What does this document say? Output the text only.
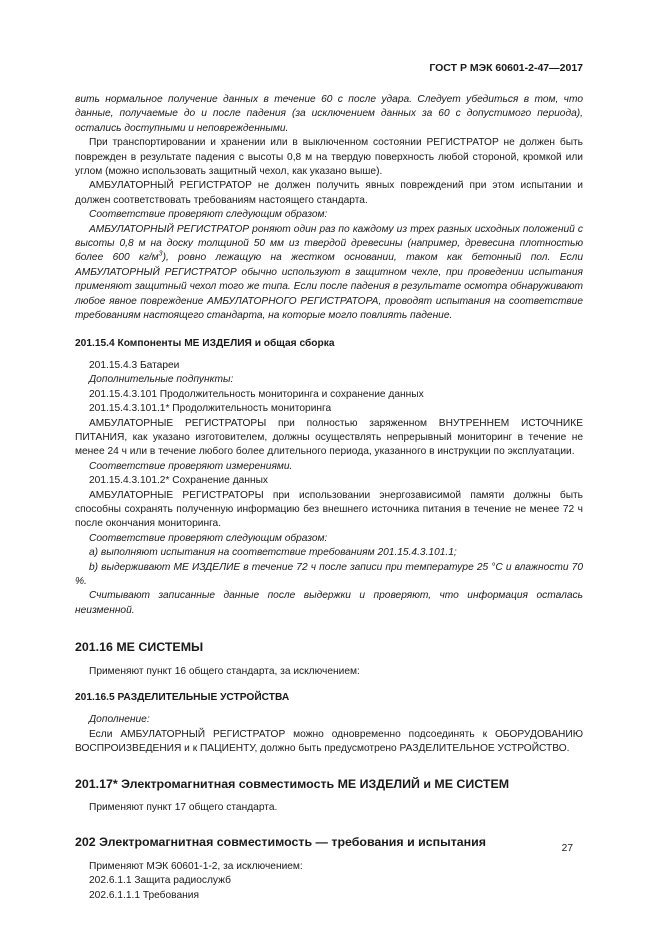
ГОСТ Р МЭК 60601-2-47—2017

вить нормальное получение данных в течение 60 с после удара. Следует убедиться в том, что данные, получаемые до и после падения (за исключением данных за 60 с допустимого периода), остались доступными и неповрежденными.

При транспортировании и хранении или в выключенном состоянии РЕГИСТРАТОР не должен быть поврежден в результате падения с высоты 0,8 м на твердую поверхность любой стороной, кромкой или углом (можно использовать защитный чехол, как указано выше).

АМБУЛАТОРНЫЙ РЕГИСТРАТОР не должен получить явных повреждений при этом испытании и должен соответствовать требованиям настоящего стандарта.

Соответствие проверяют следующим образом:

АМБУЛАТОРНЫЙ РЕГИСТРАТОР роняют один раз по каждому из трех разных исходных положений с высоты 0,8 м на доску толщиной 50 мм из твердой древесины (например, древесина плотностью более 600 $кг/м^3$), ровно лежащую на жестком основании, таком как бетонный пол. Если АМБУЛАТОРНЫЙ РЕГИСТРАТОР обычно используют в защитном чехле, при проведении испытания применяют защитный чехол того же типа. Если после падения в результате осмотра обнаруживают любое явное повреждение АМБУЛАТОРНОГО РЕГИСТРАТОРА, проводят испытания на соответствие требованиям настоящего стандарта, на которые могло повлиять падение.

201.15.4 Компоненты ME ИЗДЕЛИЯ и общая сборка

201.15.4.3 Батареи

Дополнительные подпункты:

201.15.4.3.101 Продолжительность мониторинга и сохранение данных

201.15.4.3.101.1* Продолжительность мониторинга

АМБУЛАТОРНЫЕ РЕГИСТРАТОРЫ при полностью заряженном ВНУТРЕННЕМ ИСТОЧНИКЕ ПИТАНИЯ, как указано изготовителем, должны осуществлять непрерывный мониторинг в течение не менее 24 ч или в течение любого более длительного периода, указанного в инструкции по эксплуатации.

Соответствие проверяют измерениями.

201.15.4.3.101.2* Сохранение данных

АМБУЛАТОРНЫЕ РЕГИСТРАТОРЫ при использовании энергозависимой памяти должны быть способны сохранять полученную информацию без внешнего источника питания в течение не менее 72 ч после окончания мониторинга.

Соответствие проверяют следующим образом:

a) выполняют испытания на соответствие требованиям 201.15.4.3.101.1;

b) выдерживают ME ИЗДЕЛИЕ в течение 72 ч после записи при температуре 25 °С и влажности 70 %.

Считывают записанные данные после выдержки и проверяют, что информация осталась неизменной.

201.16 ME СИСТЕМЫ

Применяют пункт 16 общего стандарта, за исключением:

201.16.5 РАЗДЕЛИТЕЛЬНЫЕ УСТРОЙСТВА

Дополнение:

Если АМБУЛАТОРНЫЙ РЕГИСТРАТОР можно одновременно подсоединять к ОБОРУДОВАНИЮ ВОСПРОИЗВЕДЕНИЯ и к ПАЦИЕНТУ, должно быть предусмотрено РАЗДЕЛИТЕЛЬНОЕ УСТРОЙСТВО.

201.17* Электромагнитная совместимость ME ИЗДЕЛИЙ и ME СИСТЕМ

Применяют пункт 17 общего стандарта.

202 Электромагнитная совместимость — требования и испытания

Применяют МЭК 60601-1-2, за исключением:

202.6.1.1 Защита радиослужб

202.6.1.1.1 Требования

27
